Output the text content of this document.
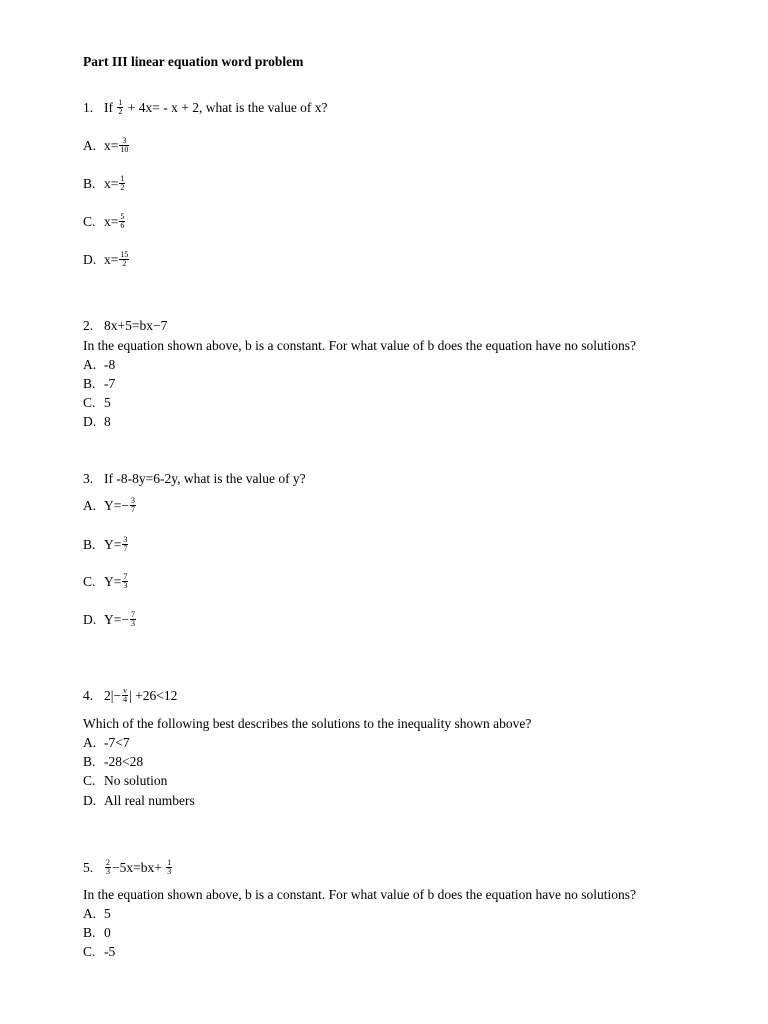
Part III linear equation word problem
1. If $\frac{1}{2} + 4x= - x + 2$, what is the value of x?
A. $x= \frac{3}{10}$
B. $x= \frac{1}{2}$
C. $x= \frac{5}{6}$
D. $x= \frac{15}{2}$
2. 8x+5=bx−7
In the equation shown above, b is a constant. For what value of b does the equation have no solutions?
A. -8
B. -7
C. 5
D. 8
3. If -8-8y=6-2y, what is the value of y?
A. $Y=- \frac{3}{7}$
B. $Y= \frac{3}{7}$
C. $Y= \frac{7}{3}$
D. $Y=- \frac{7}{3}$
4. $2|- \frac{v}{4}$ | +26<12
Which of the following best describes the solutions to the inequality shown above?
A. -7<7
B. -28<28
C. No solution
D. All real numbers
5. $\frac{2}{3} -5x=bx+ \frac{1}{3}$
In the equation shown above, b is a constant. For what value of b does the equation have no solutions?
A. 5
B. 0
C. -5
